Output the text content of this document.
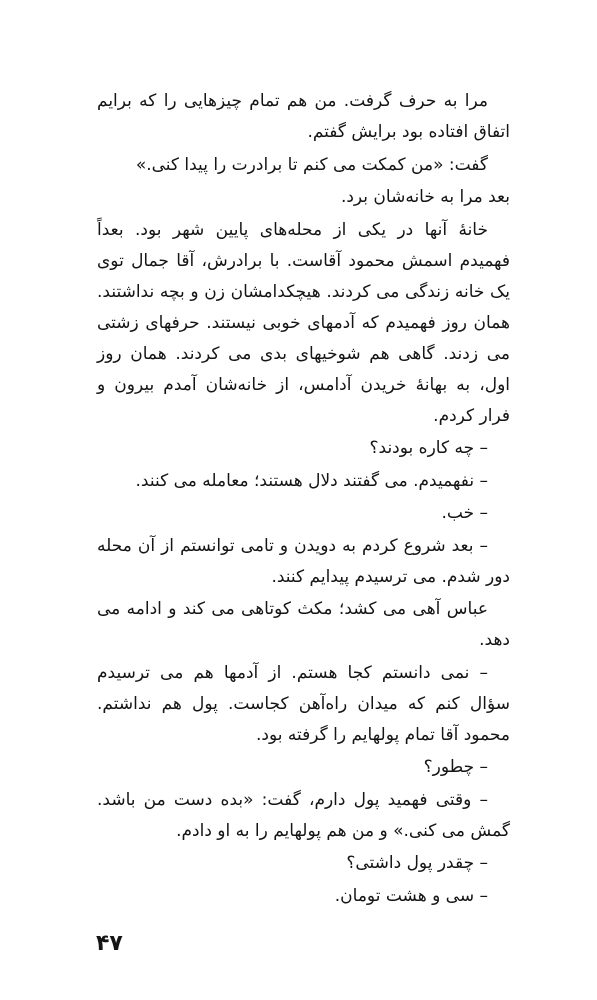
مرا به حرف گرفت. من هم تمام چیزهایی را که برایم اتفاق افتاده بود برایش گفتم.

گفت: «من کمکت می کنم تا برادرت را پیدا کنی.»

بعد مرا به خانه‌شان برد.

خانهٔ آنها در یکی از محله‌های پایین شهر بود. بعداً فهمیدم اسمش محمود آقاست. با برادرش، آقا جمال توی یک خانه زندگی می کردند. هیچکدامشان زن و بچه نداشتند. همان روز فهمیدم که آدمهای خوبی نیستند. حرفهای زشتی می زدند. گاهی هم شوخیهای بدی می کردند. همان روز اول، به بهانهٔ خریدن آدامس، از خانه‌شان آمدم بیرون و فرار کردم.

– چه کاره بودند؟

– نفهمیدم. می گفتند دلال هستند؛ معامله می کنند.

– خب.

– بعد شروع کردم به دویدن و تامی توانستم از آن محله دور شدم. می ترسیدم پیدایم کنند.

عباس آهی می کشد؛ مکث کوتاهی می کند و ادامه می دهد.

– نمی دانستم کجا هستم. از آدمها هم می ترسیدم سؤال کنم که میدان راه‌آهن کجاست. پول هم نداشتم. محمود آقا تمام پولهایم را گرفته بود.

– چطور؟

– وقتی فهمید پول دارم، گفت: «بده دست من باشد. گمش می کنی.» و من هم پولهایم را به او دادم.

– چقدر پول داشتی؟

– سی و هشت تومان.

۴۷
